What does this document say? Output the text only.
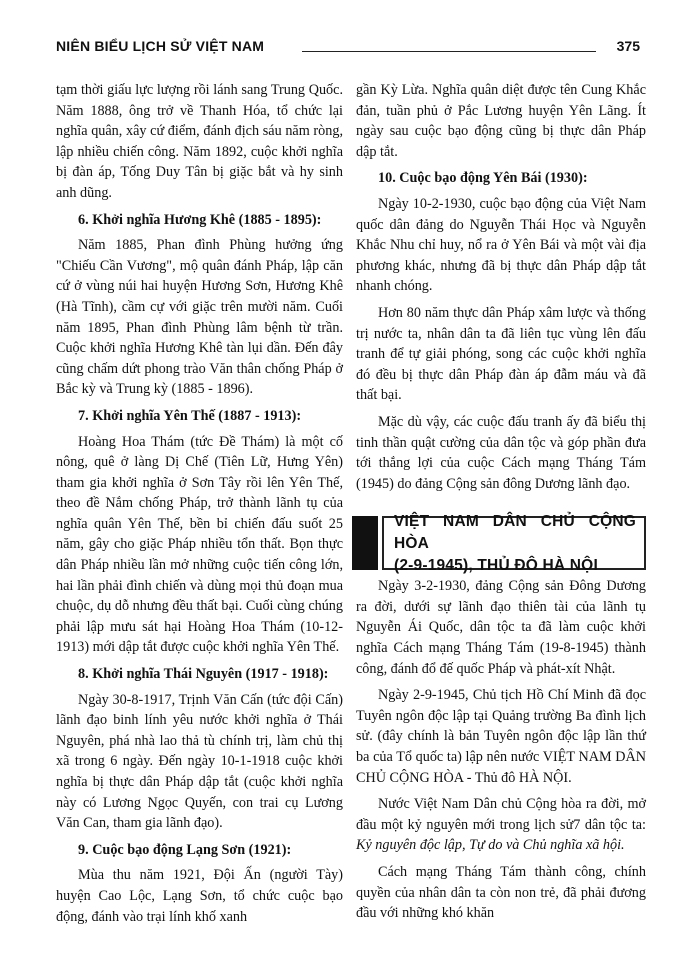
NIÊN BIỂU LỊCH SỬ VIỆT NAM	375

tạm thời giấu lực lượng rồi lánh sang Trung Quốc. Năm 1888, ông trở về Thanh Hóa, tổ chức lại nghĩa quân, xây cứ điểm, đánh địch sáu năm ròng, lập nhiều chiến công. Năm 1892, cuộc khởi nghĩa bị đàn áp, Tống Duy Tân bị giặc bắt và hy sinh anh dũng.

6. Khởi nghĩa Hương Khê (1885 - 1895):

Năm 1885, Phan đình Phùng hưởng ứng "Chiếu Cần Vương", mộ quân đánh Pháp, lập căn cứ ở vùng núi hai huyện Hương Sơn, Hương Khê (Hà Tĩnh), cầm cự với giặc trên mười năm. Cuối năm 1895, Phan đình Phùng lâm bệnh từ trần. Cuộc khởi nghĩa Hương Khê tàn lụi dần. Đến đây cũng chấm dứt phong trào Văn thân chống Pháp ở Bắc kỳ và Trung kỳ (1885 - 1896).

7. Khởi nghĩa Yên Thế (1887 - 1913):

Hoàng Hoa Thám (tức Đề Thám) là một cố nông, quê ở làng Dị Chế (Tiên Lữ, Hưng Yên) tham gia khởi nghĩa ở Sơn Tây rồi lên Yên Thế, theo đề Nắm chống Pháp, trở thành lãnh tụ của nghĩa quân Yên Thế, bền bỉ chiến đấu suốt 25 năm, gây cho giặc Pháp nhiều tổn thất. Bọn thực dân Pháp nhiều lần mở những cuộc tiến công lớn, hai lần phải đình chiến và dùng mọi thủ đoạn mua chuộc, dụ dỗ nhưng đều thất bại. Cuối cùng chúng phải lập mưu sát hại Hoàng Hoa Thám (10-12-1913) mới dập tắt được cuộc khởi nghĩa Yên Thế.

8. Khởi nghĩa Thái Nguyên (1917 - 1918):

Ngày 30-8-1917, Trịnh Văn Cấn (tức đội Cấn) lãnh đạo binh lính yêu nước khởi nghĩa ở Thái Nguyên, phá nhà lao thả tù chính trị, làm chủ thị xã trong 6 ngày. Đến ngày 10-1-1918 cuộc khởi nghĩa bị thực dân Pháp dập tắt (cuộc khởi nghĩa này có Lương Ngọc Quyến, con trai cụ Lương Văn Can, tham gia lãnh đạo).

9. Cuộc bạo động Lạng Sơn (1921):

Mùa thu năm 1921, Đội Ấn (người Tày) huyện Cao Lộc, Lạng Sơn, tổ chức cuộc bạo động, đánh vào trại lính khố xanh

gần Kỳ Lừa. Nghĩa quân diệt được tên Cung Khắc đản, tuần phủ ở Pắc Lương huyện Yên Lãng. Ít ngày sau cuộc bạo động cũng bị thực dân Pháp dập tắt.

10. Cuộc bạo động Yên Bái (1930):

Ngày 10-2-1930, cuộc bạo động của Việt Nam quốc dân đảng do Nguyễn Thái Học và Nguyễn Khắc Nhu chỉ huy, nổ ra ở Yên Bái và một vài địa phương khác, nhưng đã bị thực dân Pháp dập tắt nhanh chóng.

Hơn 80 năm thực dân Pháp xâm lược và thống trị nước ta, nhân dân ta đã liên tục vùng lên đấu tranh để tự giải phóng, song các cuộc khởi nghĩa đó đều bị thực dân Pháp đàn áp đẫm máu và đã thất bại.

Mặc dù vậy, các cuộc đấu tranh ấy đã biểu thị tinh thần quật cường của dân tộc và góp phần đưa tới thắng lợi của cuộc Cách mạng Tháng Tám (1945) do đảng Cộng sản đông Dương lãnh đạo.

VIỆT NAM DÂN CHỦ CỘNG HÒA
(2-9-1945), THỦ ĐÔ HÀ NỘI

Ngày 3-2-1930, đảng Cộng sản Đông Dương ra đời, dưới sự lãnh đạo thiên tài của lãnh tụ Nguyễn Ái Quốc, dân tộc ta đã làm cuộc khởi nghĩa Cách mạng Tháng Tám (19-8-1945) thành công, đánh đổ đế quốc Pháp và phát-xít Nhật.

Ngày 2-9-1945, Chủ tịch Hồ Chí Minh đã đọc Tuyên ngôn độc lập tại Quảng trường Ba đình lịch sử. (đây chính là bản Tuyên ngôn độc lập lần thứ ba của Tổ quốc ta) lập nên nước VIỆT NAM DÂN CHỦ CỘNG HÒA - Thủ đô HÀ NỘI.

Nước Việt Nam Dân chủ Cộng hòa ra đời, mở đầu một kỷ nguyên mới trong lịch sử7 dân tộc ta: Kỷ nguyên độc lập, Tự do và Chủ nghĩa xã hội.

Cách mạng Tháng Tám thành công, chính quyền của nhân dân ta còn non trẻ, đã phải đương đầu với những khó khăn
